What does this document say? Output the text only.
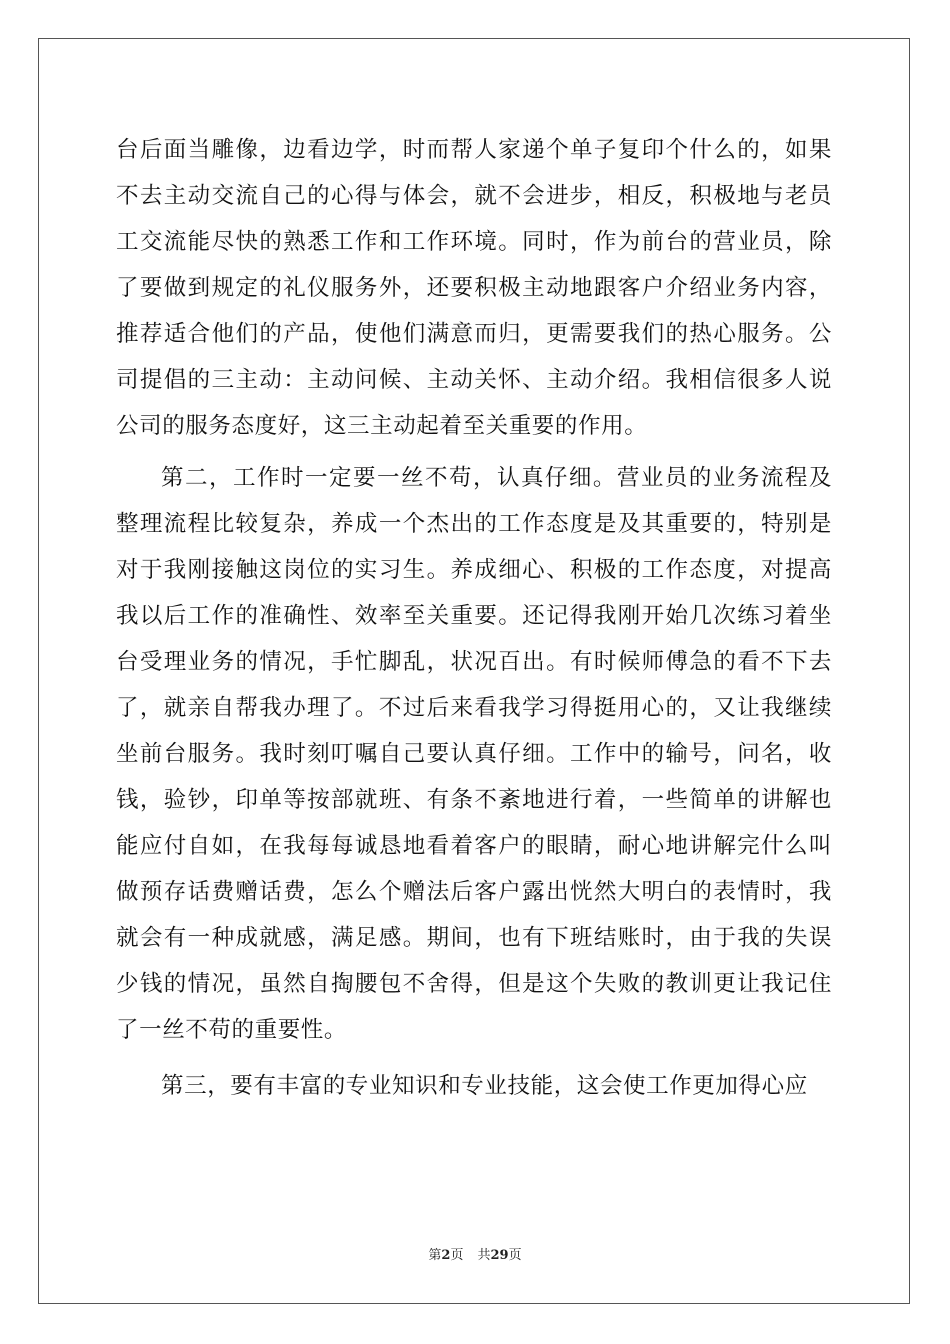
台后面当雕像，边看边学，时而帮人家递个单子复印个什么的，如果
不去主动交流自己的心得与体会，就不会进步，相反，积极地与老员
工交流能尽快的熟悉工作和工作环境。同时，作为前台的营业员，除
了要做到规定的礼仪服务外，还要积极主动地跟客户介绍业务内容，
推荐适合他们的产品，使他们满意而归，更需要我们的热心服务。公
司提倡的三主动：主动问候、主动关怀、主动介绍。我相信很多人说
公司的服务态度好，这三主动起着至关重要的作用。
第二，工作时一定要一丝不苟，认真仔细。营业员的业务流程及
整理流程比较复杂，养成一个杰出的工作态度是及其重要的，特别是
对于我刚接触这岗位的实习生。养成细心、积极的工作态度，对提高
我以后工作的准确性、效率至关重要。还记得我刚开始几次练习着坐
台受理业务的情况，手忙脚乱，状况百出。有时候师傅急的看不下去
了，就亲自帮我办理了。不过后来看我学习得挺用心的，又让我继续
坐前台服务。我时刻叮嘱自己要认真仔细。工作中的输号，问名，收
钱，验钞，印单等按部就班、有条不紊地进行着，一些简单的讲解也
能应付自如，在我每每诚恳地看着客户的眼睛，耐心地讲解完什么叫
做预存话费赠话费，怎么个赠法后客户露出恍然大明白的表情时，我
就会有一种成就感，满足感。期间，也有下班结账时，由于我的失误
少钱的情况，虽然自掏腰包不舍得，但是这个失败的教训更让我记住
了一丝不苟的重要性。
第三，要有丰富的专业知识和专业技能，这会使工作更加得心应
第2页 共29页
